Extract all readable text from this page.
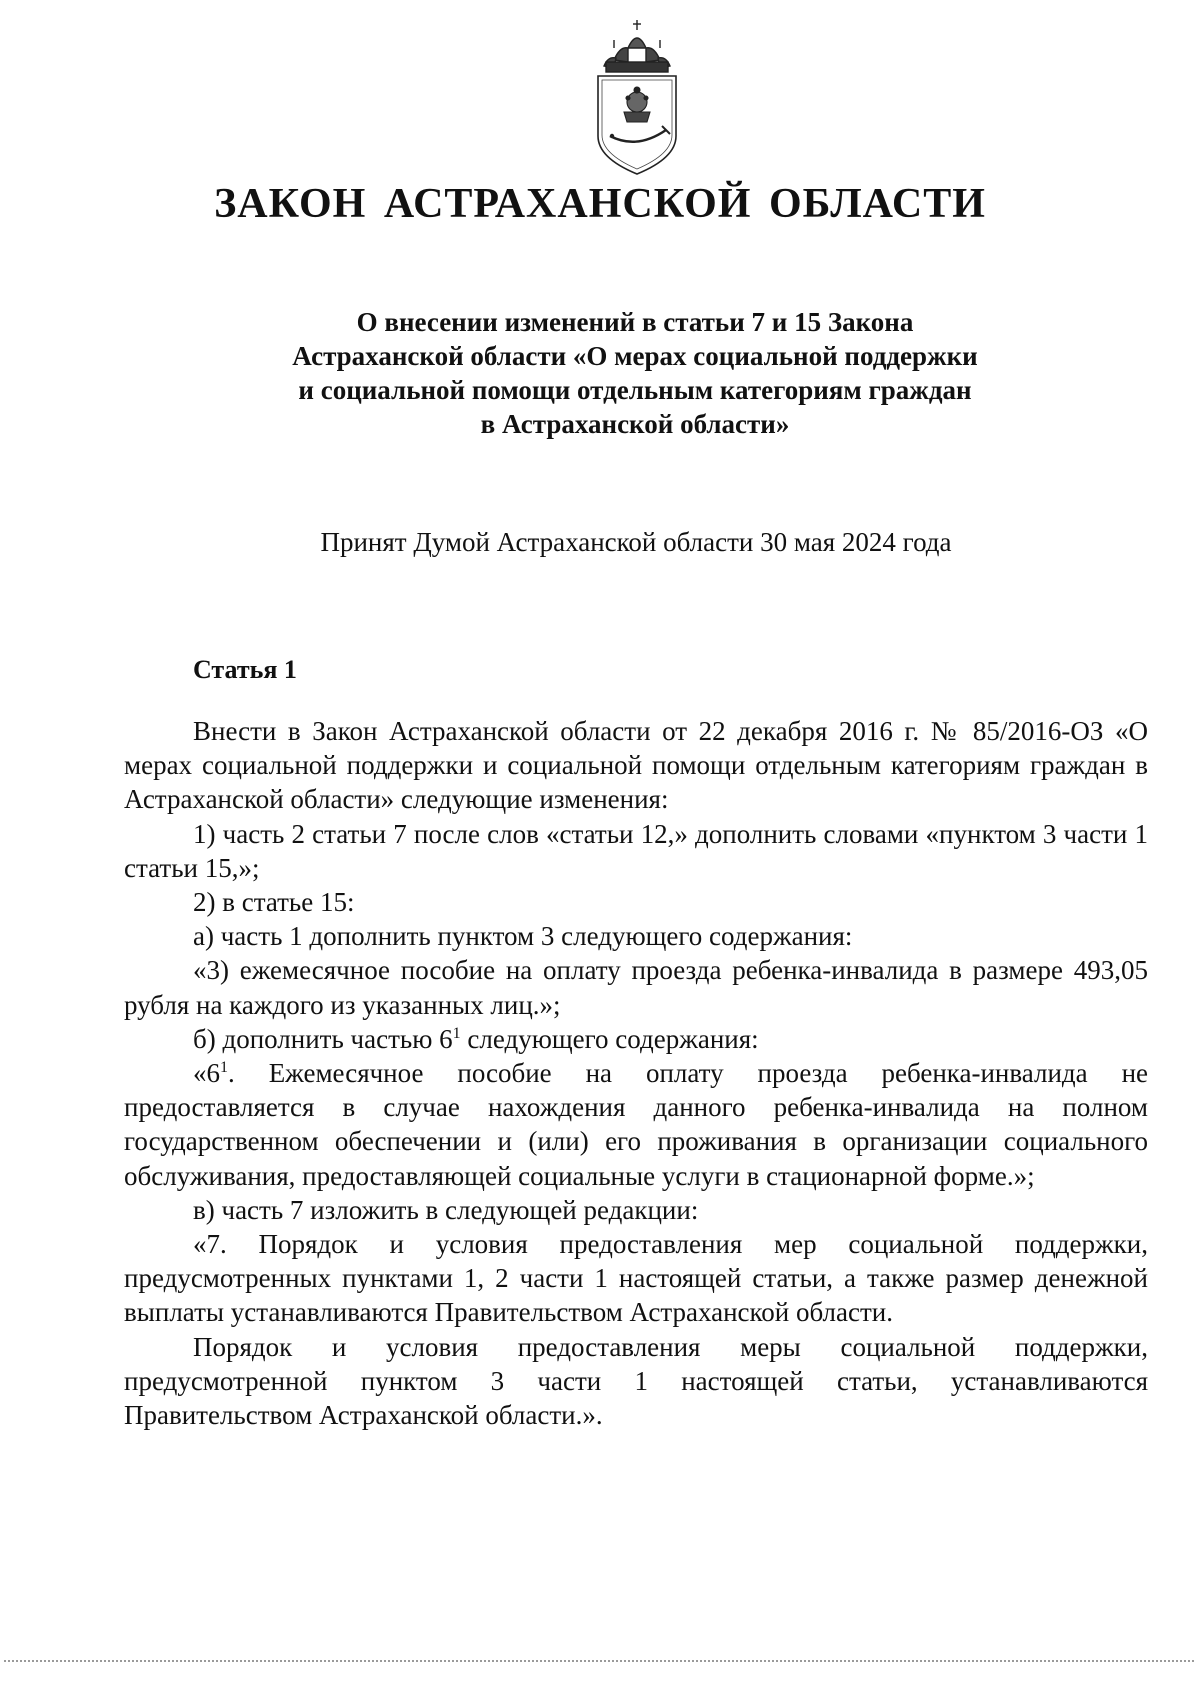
ЗАКОН АСТРАХАНСКОЙ ОБЛАСТИ
О внесении изменений в статьи 7 и 15 Закона
Астраханской области «О мерах социальной поддержки
и социальной помощи отдельным категориям граждан
в Астраханской области»
Принят Думой Астраханской области 30 мая 2024 года
Статья 1

Внести в Закон Астраханской области от 22 декабря 2016 г. № 85/2016-ОЗ «О мерах социальной поддержки и социальной помощи отдельным категориям граждан в Астраханской области» следующие изменения:

1) часть 2 статьи 7 после слов «статьи 12,» дополнить словами «пунктом 3 части 1 статьи 15,»;

2) в статье 15:

а) часть 1 дополнить пунктом 3 следующего содержания:

«3) ежемесячное пособие на оплату проезда ребенка-инвалида в размере 493,05 рубля на каждого из указанных лиц.»;

б) дополнить частью $6^1$ следующего содержания:

«$6^1$. Ежемесячное пособие на оплату проезда ребенка-инвалида не предоставляется в случае нахождения данного ребенка-инвалида на полном государственном обеспечении и (или) его проживания в организации социального обслуживания, предоставляющей социальные услуги в стационарной форме.»;

в) часть 7 изложить в следующей редакции:

«7. Порядок и условия предоставления мер социальной поддержки, предусмотренных пунктами 1, 2 части 1 настоящей статьи, а также размер денежной выплаты устанавливаются Правительством Астраханской области.

Порядок и условия предоставления меры социальной поддержки, предусмотренной пунктом 3 части 1 настоящей статьи, устанавливаются Правительством Астраханской области.».
